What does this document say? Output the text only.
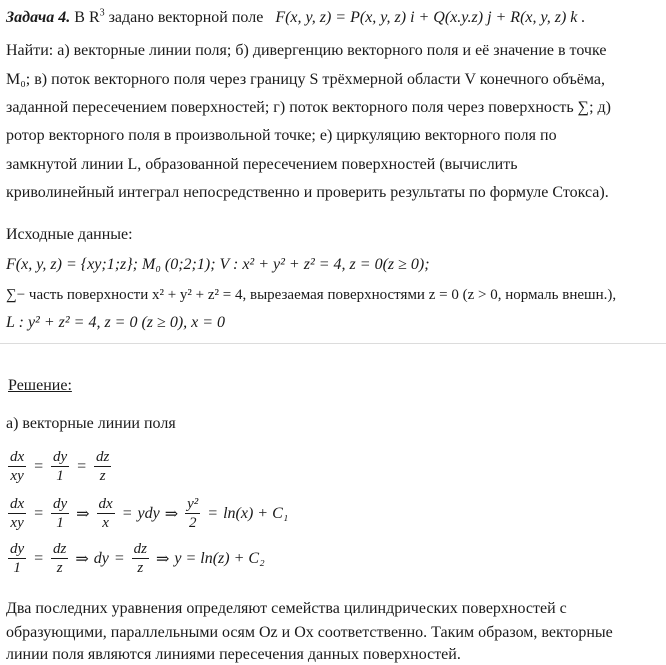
Задача 4. В $R^3$ задано векторной поле F(x, y, z) = P(x, y, z) i + Q(x.y.z) j + R(x, y, z) k .
Найти: а) векторные линии поля; б) дивергенцию векторного поля и её значение в точке
M₀; в) поток векторного поля через границу S трёхмерной области V конечного объёма,
заданной пересечением поверхностей; г) поток векторного поля через поверхность ∑; д)
ротор векторного поля в произвольной точке; е) циркуляцию векторного поля по
замкнутой линии L, образованной пересечением поверхностей (вычислить
криволинейный интеграл непосредственно и проверить результаты по формуле Стокса).
Исходные данные:
F(x, y, z) = {xy;1;z}; M₀ (0;2;1); V : x² + y² + z² = 4, z = 0(z ≥ 0);
∑− часть поверхности x² + y² + z² = 4, вырезаемая поверхностями z = 0 (z > 0, нормаль внешн.),
L : y² + z² = 4, z = 0 (z ≥ 0), x = 0
Решение:
а) векторные линии поля
$\frac{dx}{xy} = \frac{dy}{1} = \frac{dz}{z}$
$\frac{dx}{xy} = \frac{dy}{1}$ ⇒ $\frac{dx}{x}$ = ydy ⇒ $\frac{\text{y²}}{2} = \ln(x) + C_1$
$\frac{dy}{1} = \frac{dz}{z}$ ⇒ dy = $\frac{dz}{z}$ ⇒ y = ln(z) + C₂
Два последних уравнения определяют семейства цилиндрических поверхностей с
образующими, параллельными осям Oz и Ox соответственно. Таким образом, векторные
линии поля являются линиями пересечения данных поверхностей.
